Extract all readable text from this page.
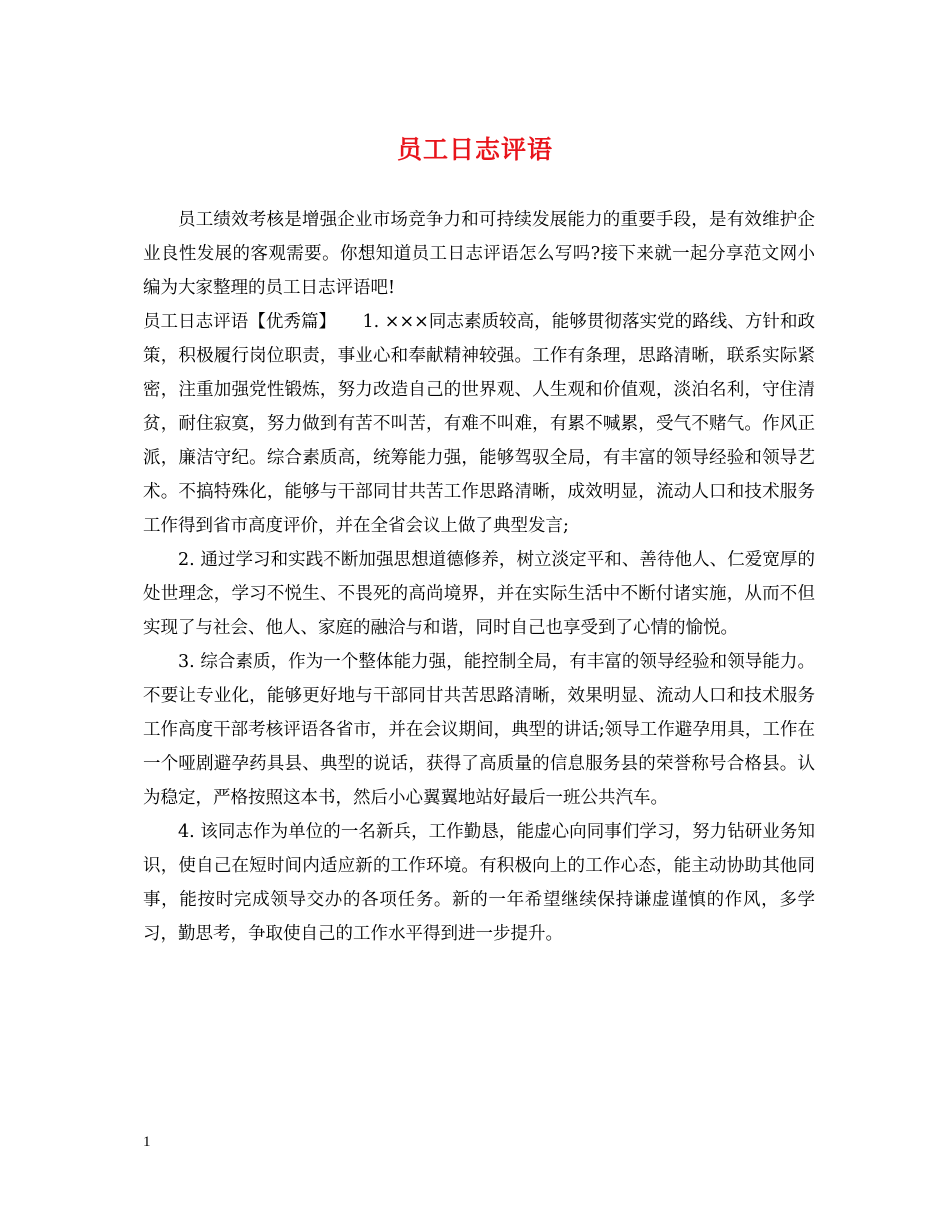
员工日志评语

员工绩效考核是增强企业市场竞争力和可持续发展能力的重要手段，是有效维护企业良性发展的客观需要。你想知道员工日志评语怎么写吗?接下来就一起分享范文网小编为大家整理的员工日志评语吧!

员工日志评语【优秀篇】　　1. ×××同志素质较高，能够贯彻落实党的路线、方针和政策，积极履行岗位职责，事业心和奉献精神较强。工作有条理，思路清晰，联系实际紧密，注重加强党性锻炼，努力改造自己的世界观、人生观和价值观，淡泊名利，守住清贫，耐住寂寞，努力做到有苦不叫苦，有难不叫难，有累不喊累，受气不赌气。作风正派，廉洁守纪。综合素质高，统筹能力强，能够驾驭全局，有丰富的领导经验和领导艺术。不搞特殊化，能够与干部同甘共苦工作思路清晰，成效明显，流动人口和技术服务工作得到省市高度评价，并在全省会议上做了典型发言;

2. 通过学习和实践不断加强思想道德修养，树立淡定平和、善待他人、仁爱宽厚的处世理念，学习不悦生、不畏死的高尚境界，并在实际生活中不断付诸实施，从而不但实现了与社会、他人、家庭的融洽与和谐，同时自己也享受到了心情的愉悦。

3. 综合素质，作为一个整体能力强，能控制全局，有丰富的领导经验和领导能力。不要让专业化，能够更好地与干部同甘共苦思路清晰，效果明显、流动人口和技术服务工作高度干部考核评语各省市，并在会议期间，典型的讲话;领导工作避孕用具，工作在一个哑剧避孕药具县、典型的说话，获得了高质量的信息服务县的荣誉称号合格县。认为稳定，严格按照这本书，然后小心翼翼地站好最后一班公共汽车。

4. 该同志作为单位的一名新兵，工作勤恳，能虚心向同事们学习，努力钻研业务知识，使自己在短时间内适应新的工作环境。有积极向上的工作心态，能主动协助其他同事，能按时完成领导交办的各项任务。新的一年希望继续保持谦虚谨慎的作风，多学习，勤思考，争取使自己的工作水平得到进一步提升。

1
